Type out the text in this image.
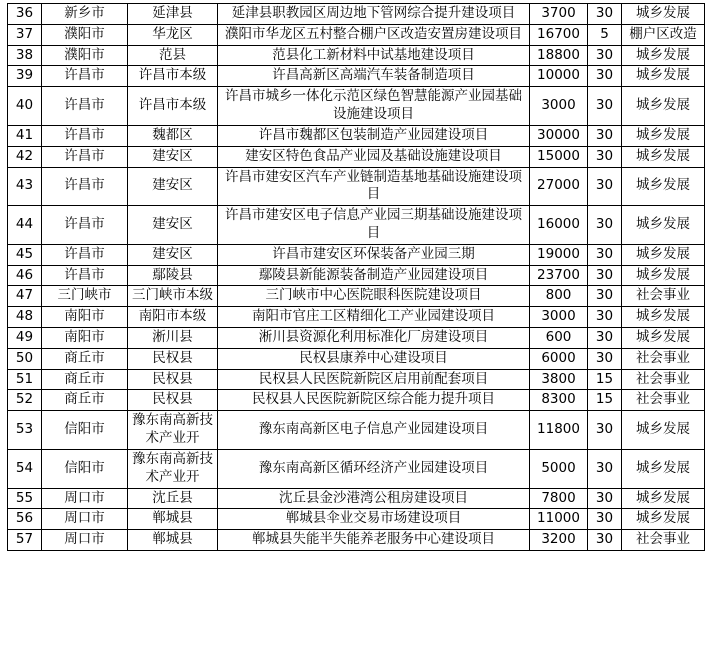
36	新乡市	延津县	延津县职教园区周边地下管网综合提升建设项目	3700	30	城乡发展
37	濮阳市	华龙区	濮阳市华龙区五村整合棚户区改造安置房建设项目	16700	5	棚户区改造
38	濮阳市	范县	范县化工新材料中试基地建设项目	18800	30	城乡发展
39	许昌市	许昌市本级	许昌高新区高端汽车装备制造项目	10000	30	城乡发展
40	许昌市	许昌市本级	许昌市城乡一体化示范区绿色智慧能源产业园基础设施建设项目	3000	30	城乡发展
41	许昌市	魏都区	许昌市魏都区包装制造产业园建设项目	30000	30	城乡发展
42	许昌市	建安区	建安区特色食品产业园及基础设施建设项目	15000	30	城乡发展
43	许昌市	建安区	许昌市建安区汽车产业链制造基地基础设施建设项目	27000	30	城乡发展
44	许昌市	建安区	许昌市建安区电子信息产业园三期基础设施建设项目	16000	30	城乡发展
45	许昌市	建安区	许昌市建安区环保装备产业园三期	19000	30	城乡发展
46	许昌市	鄢陵县	鄢陵县新能源装备制造产业园建设项目	23700	30	城乡发展
47	三门峡市	三门峡市本级	三门峡市中心医院眼科医院建设项目	800	30	社会事业
48	南阳市	南阳市本级	南阳市官庄工区精细化工产业园建设项目	3000	30	城乡发展
49	南阳市	淅川县	淅川县资源化利用标准化厂房建设项目	600	30	城乡发展
50	商丘市	民权县	民权县康养中心建设项目	6000	30	社会事业
51	商丘市	民权县	民权县人民医院新院区启用前配套项目	3800	15	社会事业
52	商丘市	民权县	民权县人民医院新院区综合能力提升项目	8300	15	社会事业
53	信阳市	豫东南高新技术产业开	豫东南高新区电子信息产业园建设项目	11800	30	城乡发展
54	信阳市	豫东南高新技术产业开	豫东南高新区循环经济产业园建设项目	5000	30	城乡发展
55	周口市	沈丘县	沈丘县金沙港湾公租房建设项目	7800	30	城乡发展
56	周口市	郸城县	郸城县伞业交易市场建设项目	11000	30	城乡发展
57	周口市	郸城县	郸城县失能半失能养老服务中心建设项目	3200	30	社会事业
